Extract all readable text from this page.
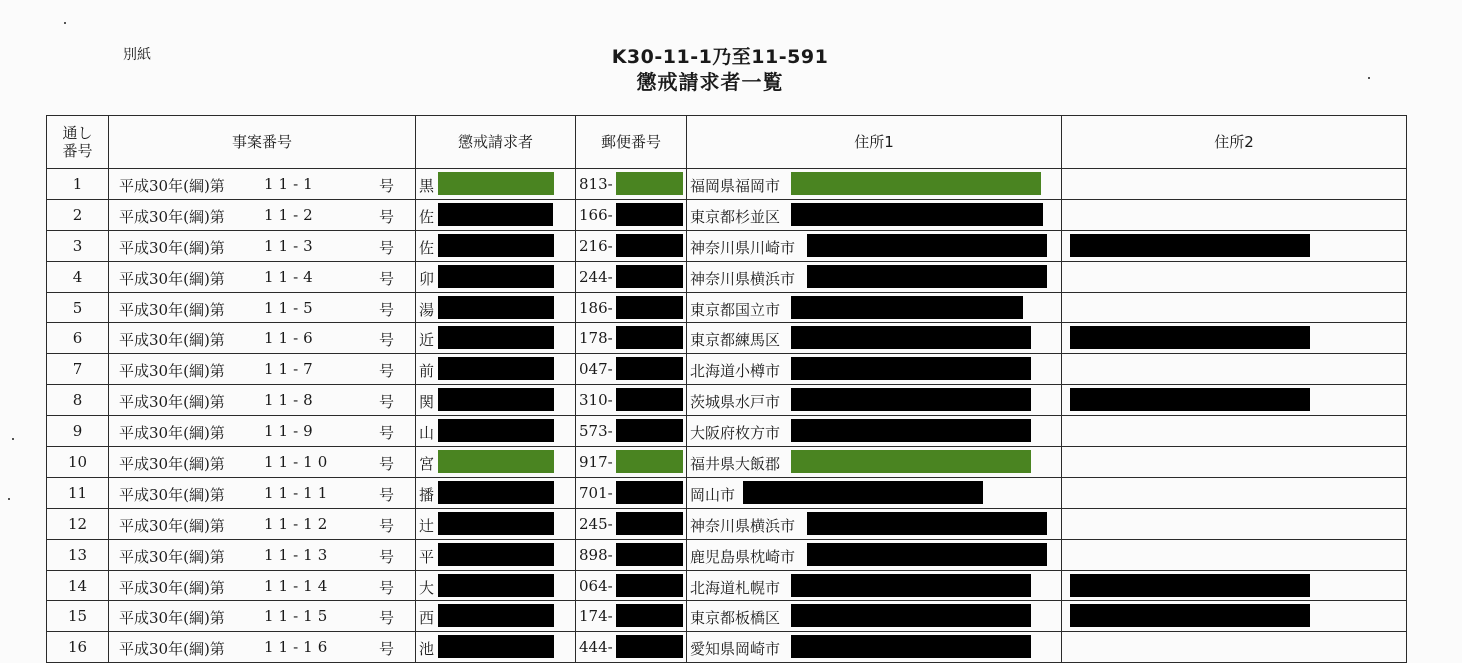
別紙	K30-11-1乃至11-591
懲戒請求者一覧
通し
番号	事案番号	懲戒請求者	郵便番号	住所1	住所2
1	平成30年(綱)第 11-1 号	黒	813-	福岡県福岡市	

2	平成30年(綱)第 11-2 号	佐	166-	東京都杉並区	

3	平成30年(綱)第 11-3 号	佐	216-	神奈川県川崎市	

4	平成30年(綱)第 11-4 号	卯	244-	神奈川県横浜市	

5	平成30年(綱)第 11-5 号	湯	186-	東京都国立市	

6	平成30年(綱)第 11-6 号	近	178-	東京都練馬区	

7	平成30年(綱)第 11-7 号	前	047-	北海道小樽市	

8	平成30年(綱)第 11-8 号	関	310-	茨城県水戸市	

9	平成30年(綱)第 11-9 号	山	573-	大阪府枚方市	

10	平成30年(綱)第 11-10 号	宮	917-	福井県大飯郡	

11	平成30年(綱)第 11-11 号	播	701-	岡山市	

12	平成30年(綱)第 11-12 号	辻	245-	神奈川県横浜市	

13	平成30年(綱)第 11-13 号	平	898-	鹿児島県枕崎市	

14	平成30年(綱)第 11-14 号	大	064-	北海道札幌市	

15	平成30年(綱)第 11-15 号	西	174-	東京都板橋区	

16	平成30年(綱)第 11-16 号	池	444-	愛知県岡崎市	
